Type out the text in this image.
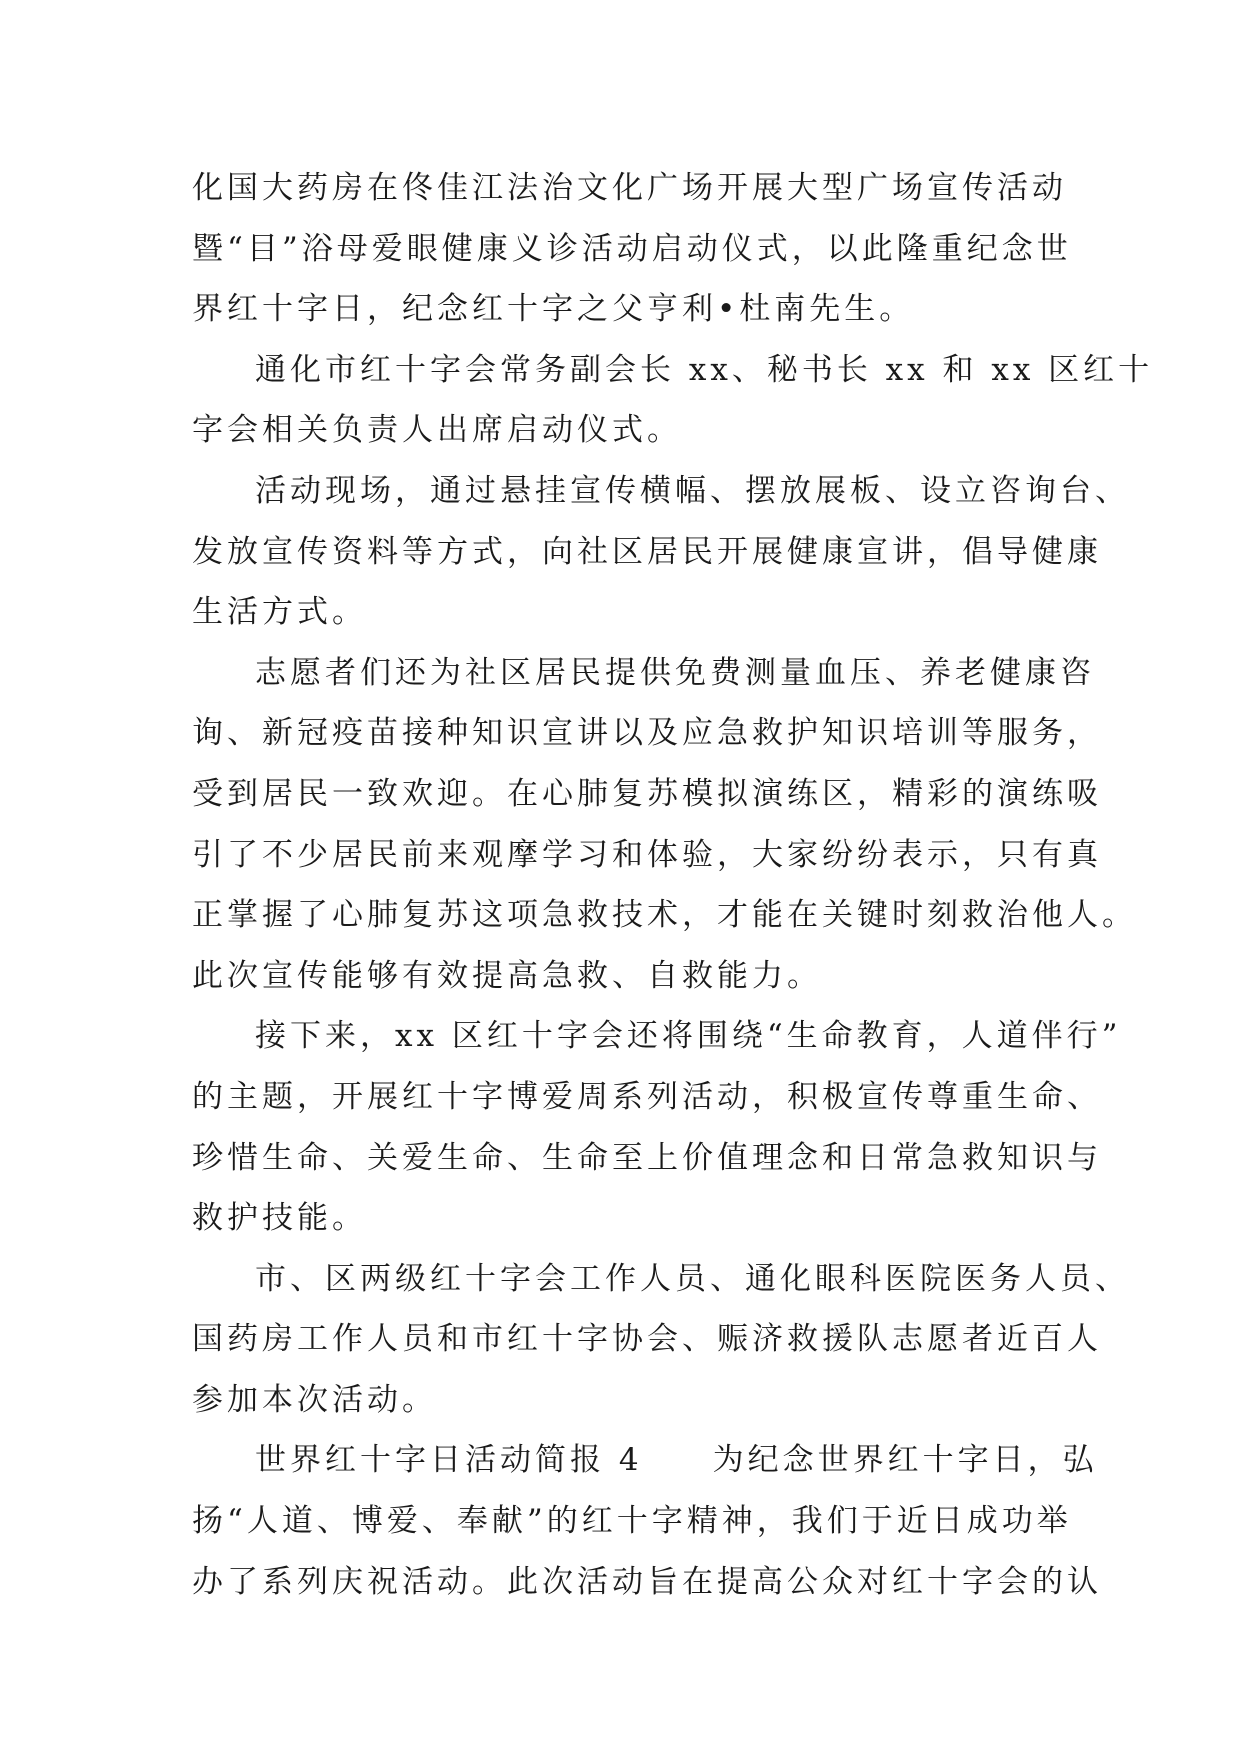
化国大药房在佟佳江法治文化广场开展大型广场宣传活动
暨“目”浴母爱眼健康义诊活动启动仪式，以此隆重纪念世
界红十字日，纪念红十字之父亨利•杜南先生。
通化市红十字会常务副会长 xx、秘书长 xx 和 xx 区红十
字会相关负责人出席启动仪式。
活动现场，通过悬挂宣传横幅、摆放展板、设立咨询台、
发放宣传资料等方式，向社区居民开展健康宣讲，倡导健康
生活方式。
志愿者们还为社区居民提供免费测量血压、养老健康咨
询、新冠疫苗接种知识宣讲以及应急救护知识培训等服务，
受到居民一致欢迎。在心肺复苏模拟演练区，精彩的演练吸
引了不少居民前来观摩学习和体验，大家纷纷表示，只有真
正掌握了心肺复苏这项急救技术，才能在关键时刻救治他人。
此次宣传能够有效提高急救、自救能力。
接下来，xx 区红十字会还将围绕“生命教育，人道伴行”
的主题，开展红十字博爱周系列活动，积极宣传尊重生命、
珍惜生命、关爱生命、生命至上价值理念和日常急救知识与
救护技能。
市、区两级红十字会工作人员、通化眼科医院医务人员、
国药房工作人员和市红十字协会、赈济救援队志愿者近百人
参加本次活动。
世界红十字日活动简报 4　　为纪念世界红十字日，弘
扬“人道、博爱、奉献”的红十字精神，我们于近日成功举
办了系列庆祝活动。此次活动旨在提高公众对红十字会的认
